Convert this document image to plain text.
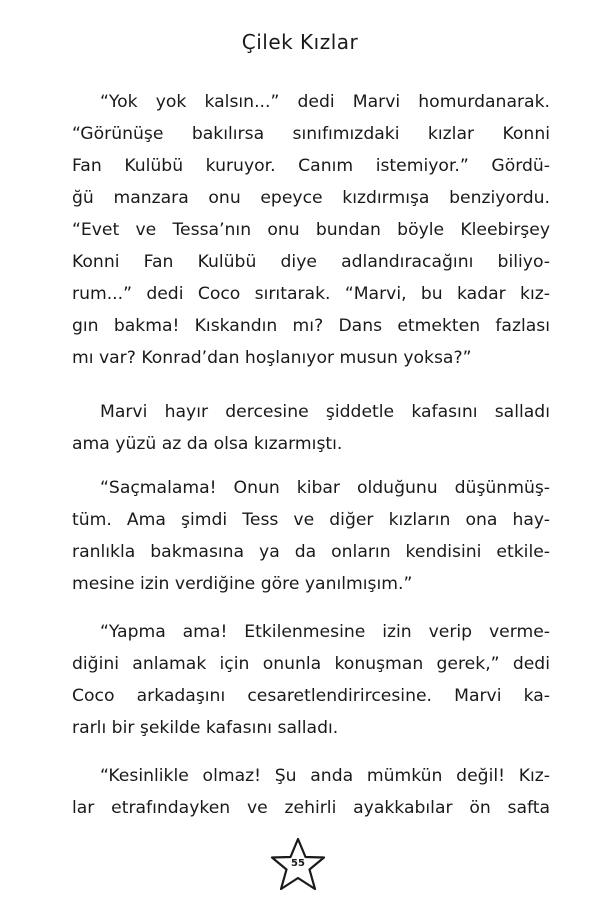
Çilek Kızlar
“Yok yok kalsın...” dedi Marvi homurdanarak.
“Görünüşe bakılırsa sınıfımızdaki kızlar Konni
Fan Kulübü kuruyor. Canım istemiyor.” Gördü-
ğü manzara onu epeyce kızdırmışa benziyordu.
“Evet ve Tessa’nın onu bundan böyle Kleebirşey
Konni Fan Kulübü diye adlandıracağını biliyo-
rum...” dedi Coco sırıtarak. “Marvi, bu kadar kız-
gın bakma! Kıskandın mı? Dans etmekten fazlası
mı var? Konrad’dan hoşlanıyor musun yoksa?”
Marvi hayır dercesine şiddetle kafasını salladı
ama yüzü az da olsa kızarmıştı.
“Saçmalama! Onun kibar olduğunu düşünmüş-
tüm. Ama şimdi Tess ve diğer kızların ona hay-
ranlıkla bakmasına ya da onların kendisini etkile-
mesine izin verdiğine göre yanılmışım.”
“Yapma ama! Etkilenmesine izin verip verme-
diğini anlamak için onunla konuşman gerek,” dedi
Coco arkadaşını cesaretlendirircesine. Marvi ka-
rarlı bir şekilde kafasını salladı.
“Kesinlikle olmaz! Şu anda mümkün değil! Kız-
lar etrafındayken ve zehirli ayakkabılar ön safta
55
